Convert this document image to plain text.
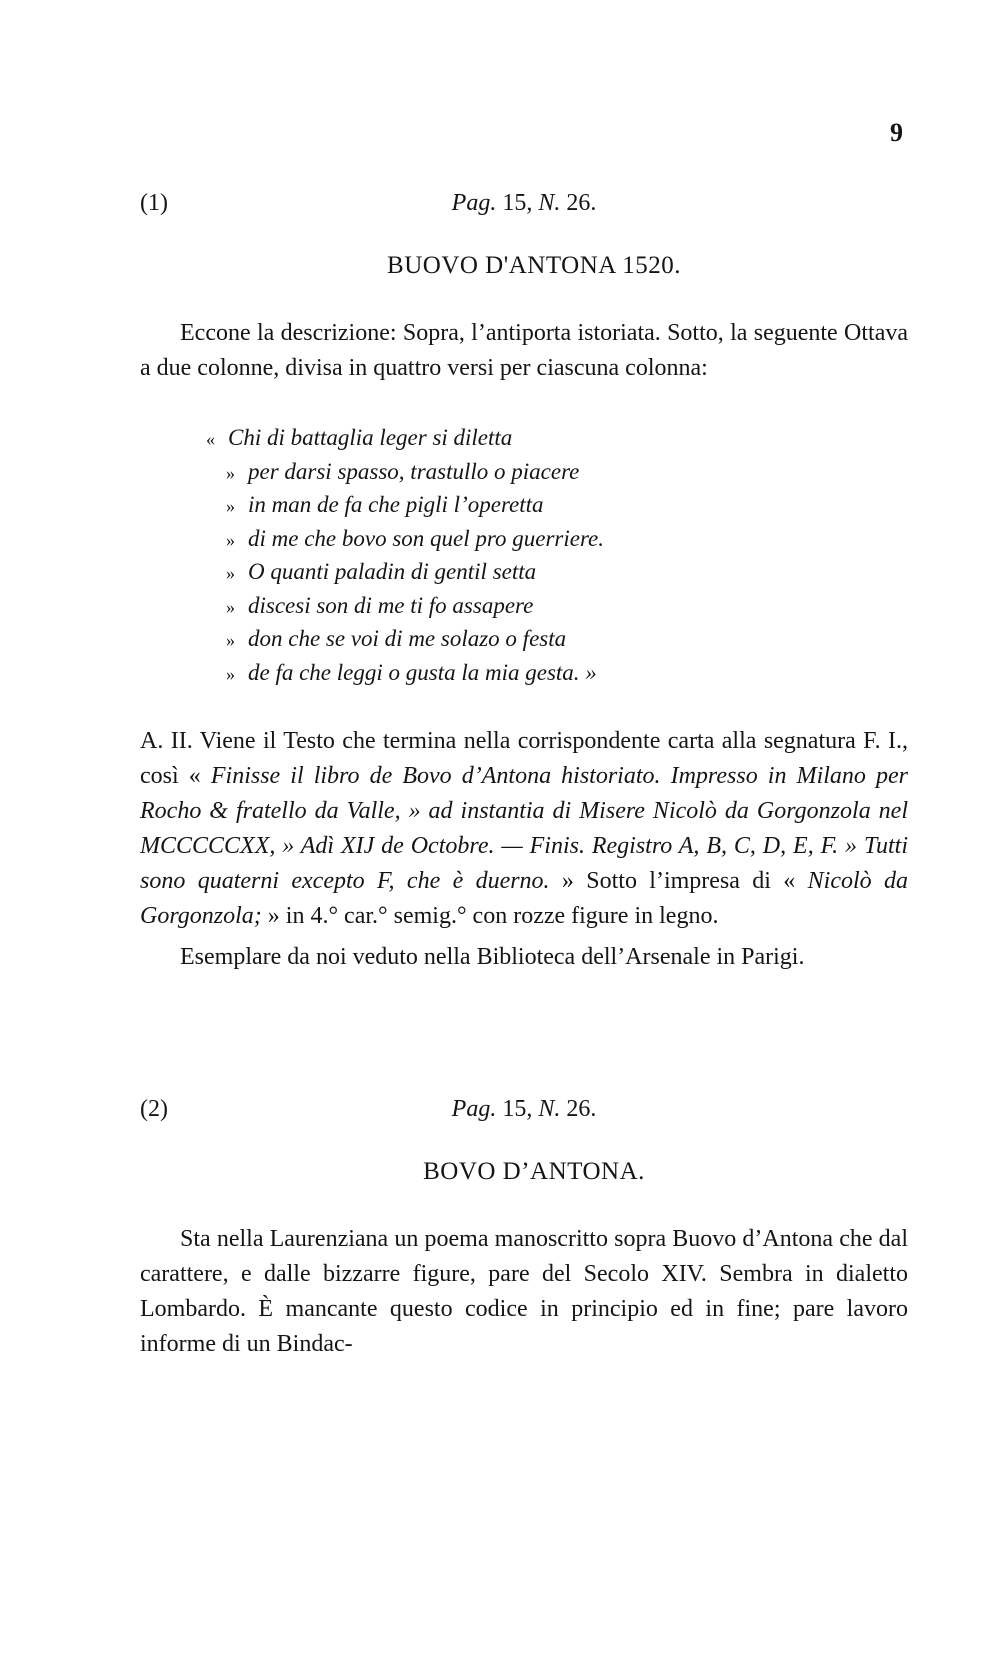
9
(1)	Pag. 15, N. 26.
BUOVO D'ANTONA 1520.

Eccone la descrizione: Sopra, l’antiporta istoriata. Sotto, la seguente Ottava a due colonne, divisa in quattro versi per ciascuna colonna:

« Chi di battaglia leger si diletta
» per darsi spasso, trastullo o piacere
» in man de fa che pigli l’operetta
» di me che bovo son quel pro guerriere.
» O quanti paladin di gentil setta
» discesi son di me ti fo assapere
» don che se voi di me solazo o festa
» de fa che leggi o gusta la mia gesta. »

A. II. Viene il Testo che termina nella corrispondente carta alla segnatura F. I., così « Finisse il libro de Bovo d’Antona historiato. Impresso in Milano per Rocho & fratello da Valle, » ad instantia di Misere Nicolò da Gorgonzola nel MCCCCCXX, » Adì XIJ de Octobre. — Finis. Registro A, B, C, D, E, F. » Tutti sono quaterni excepto F, che è duerno. » Sotto l’impresa di « Nicolò da Gorgonzola; » in 4.° car.° semig.° con rozze figure in legno.

Esemplare da noi veduto nella Biblioteca dell’Arsenale in Parigi.

(2)	Pag. 15, N. 26.
BOVO D’ANTONA.

Sta nella Laurenziana un poema manoscritto sopra Buovo d’Antona che dal carattere, e dalle bizzarre figure, pare del Secolo XIV. Sembra in dialetto Lombardo. È mancante questo codice in principio ed in fine; pare lavoro informe di un Bindac-
